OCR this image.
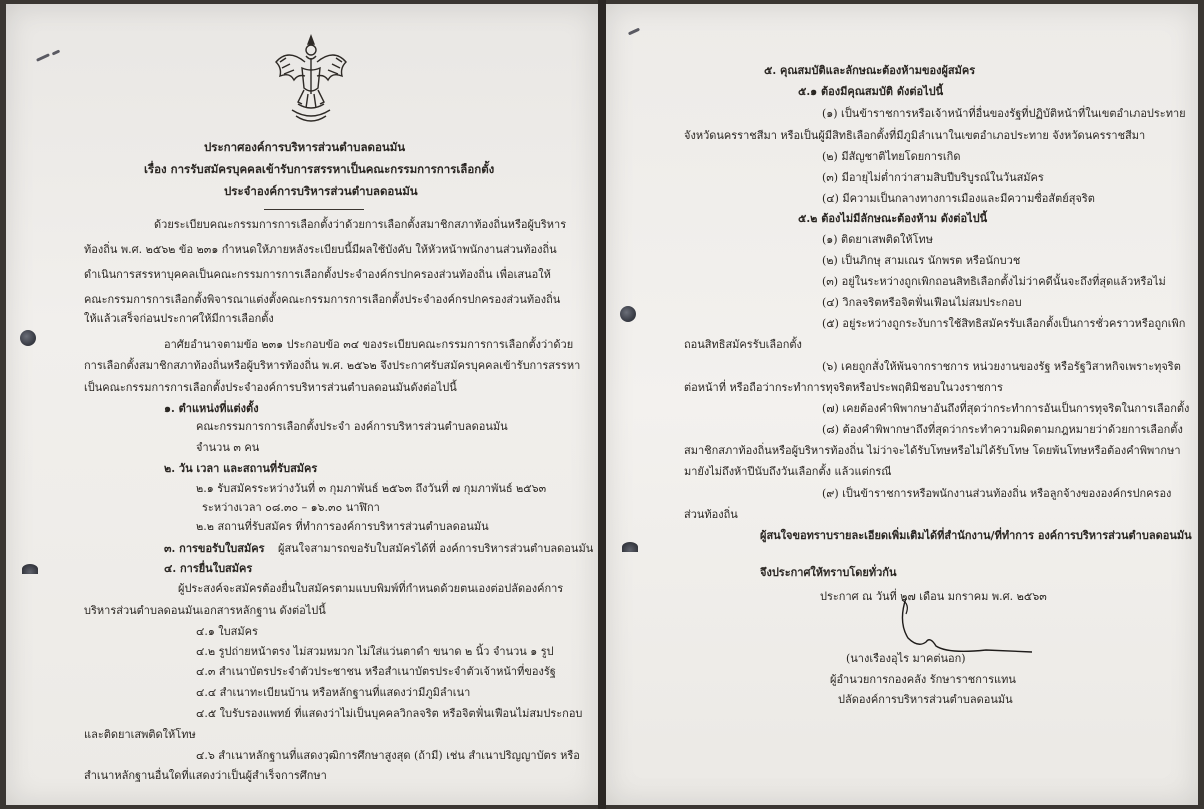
ประกาศองค์การบริหารส่วนตำบลดอนมัน
เรื่อง การรับสมัครบุคคลเข้ารับการสรรหาเป็นคณะกรรมการการเลือกตั้ง
ประจำองค์การบริหารส่วนตำบลดอนมัน
ด้วยระเบียบคณะกรรมการการเลือกตั้งว่าด้วยการเลือกตั้งสมาชิกสภาท้องถิ่นหรือผู้บริหาร
ท้องถิ่น พ.ศ. ๒๕๖๒ ข้อ ๒๓๑ กำหนดให้ภายหลังระเบียบนี้มีผลใช้บังคับ ให้หัวหน้าพนักงานส่วนท้องถิ่น
ดำเนินการสรรหาบุคคลเป็นคณะกรรมการการเลือกตั้งประจำองค์กรปกครองส่วนท้องถิ่น เพื่อเสนอให้
คณะกรรมการการเลือกตั้งพิจารณาแต่งตั้งคณะกรรมการการเลือกตั้งประจำองค์กรปกครองส่วนท้องถิ่น
ให้แล้วเสร็จก่อนประกาศให้มีการเลือกตั้ง
อาศัยอำนาจตามข้อ ๒๓๑ ประกอบข้อ ๓๔ ของระเบียบคณะกรรมการการเลือกตั้งว่าด้วย
การเลือกตั้งสมาชิกสภาท้องถิ่นหรือผู้บริหารท้องถิ่น พ.ศ. ๒๕๖๒ จึงประกาศรับสมัครบุคคลเข้ารับการสรรหา
เป็นคณะกรรมการการเลือกตั้งประจำองค์การบริหารส่วนตำบลดอนมันดังต่อไปนี้
๑. ตำแหน่งที่แต่งตั้ง
คณะกรรมการการเลือกตั้งประจำ องค์การบริหารส่วนตำบลดอนมัน
จำนวน ๓ คน
๒. วัน เวลา และสถานที่รับสมัคร
๒.๑ รับสมัครระหว่างวันที่ ๓ กุมภาพันธ์ ๒๕๖๓ ถึงวันที่ ๗ กุมภาพันธ์ ๒๕๖๓
ระหว่างเวลา ๐๘.๓๐ – ๑๖.๓๐ นาฬิกา
๒.๒ สถานที่รับสมัคร ที่ทำการองค์การบริหารส่วนตำบลดอนมัน
๓. การขอรับใบสมัคร ผู้สนใจสามารถขอรับใบสมัครได้ที่ องค์การบริหารส่วนตำบลดอนมัน
๔. การยื่นใบสมัคร
ผู้ประสงค์จะสมัครต้องยื่นใบสมัครตามแบบพิมพ์ที่กำหนดด้วยตนเองต่อปลัดองค์การ
บริหารส่วนตำบลดอนมันเอกสารหลักฐาน ดังต่อไปนี้
๔.๑ ใบสมัคร
๔.๒ รูปถ่ายหน้าตรง ไม่สวมหมวก ไม่ใส่แว่นตาดำ ขนาด ๒ นิ้ว จำนวน ๑ รูป
๔.๓ สำเนาบัตรประจำตัวประชาชน หรือสำเนาบัตรประจำตัวเจ้าหน้าที่ของรัฐ
๔.๔ สำเนาทะเบียนบ้าน หรือหลักฐานที่แสดงว่ามีภูมิลำเนา
๔.๕ ใบรับรองแพทย์ ที่แสดงว่าไม่เป็นบุคคลวิกลจริต หรือจิตฟั่นเฟือนไม่สมประกอบ
และติดยาเสพติดให้โทษ
๔.๖ สำเนาหลักฐานที่แสดงวุฒิการศึกษาสูงสุด (ถ้ามี) เช่น สำเนาปริญญาบัตร หรือ
สำเนาหลักฐานอื่นใดที่แสดงว่าเป็นผู้สำเร็จการศึกษา
๕. คุณสมบัติและลักษณะต้องห้ามของผู้สมัคร
๕.๑ ต้องมีคุณสมบัติ ดังต่อไปนี้
(๑) เป็นข้าราชการหรือเจ้าหน้าที่อื่นของรัฐที่ปฏิบัติหน้าที่ในเขตอำเภอประทาย
จังหวัดนครราชสีมา หรือเป็นผู้มีสิทธิเลือกตั้งที่มีภูมิลำเนาในเขตอำเภอประทาย จังหวัดนครราชสีมา
(๒) มีสัญชาติไทยโดยการเกิด
(๓) มีอายุไม่ต่ำกว่าสามสิบปีบริบูรณ์ในวันสมัคร
(๔) มีความเป็นกลางทางการเมืองและมีความซื่อสัตย์สุจริต
๕.๒ ต้องไม่มีลักษณะต้องห้าม ดังต่อไปนี้
(๑) ติดยาเสพติดให้โทษ
(๒) เป็นภิกษุ สามเณร นักพรต หรือนักบวช
(๓) อยู่ในระหว่างถูกเพิกถอนสิทธิเลือกตั้งไม่ว่าคดีนั้นจะถึงที่สุดแล้วหรือไม่
(๔) วิกลจริตหรือจิตฟั่นเฟือนไม่สมประกอบ
(๕) อยู่ระหว่างถูกระงับการใช้สิทธิสมัครรับเลือกตั้งเป็นการชั่วคราวหรือถูกเพิก
ถอนสิทธิสมัครรับเลือกตั้ง
(๖) เคยถูกสั่งให้พ้นจากราชการ หน่วยงานของรัฐ หรือรัฐวิสาหกิจเพราะทุจริต
ต่อหน้าที่ หรือถือว่ากระทำการทุจริตหรือประพฤติมิชอบในวงราชการ
(๗) เคยต้องคำพิพากษาอันถึงที่สุดว่ากระทำการอันเป็นการทุจริตในการเลือกตั้ง
(๘) ต้องคำพิพากษาถึงที่สุดว่ากระทำความผิดตามกฎหมายว่าด้วยการเลือกตั้ง
สมาชิกสภาท้องถิ่นหรือผู้บริหารท้องถิ่น ไม่ว่าจะได้รับโทษหรือไม่ได้รับโทษ โดยพ้นโทษหรือต้องคำพิพากษา
มายังไม่ถึงห้าปีนับถึงวันเลือกตั้ง แล้วแต่กรณี
(๙) เป็นข้าราชการหรือพนักงานส่วนท้องถิ่น หรือลูกจ้างขององค์กรปกครอง
ส่วนท้องถิ่น
ผู้สนใจขอทราบรายละเอียดเพิ่มเติมได้ที่สำนักงาน/ที่ทำการ องค์การบริหารส่วนตำบลดอนมัน
จึงประกาศให้ทราบโดยทั่วกัน
ประกาศ ณ วันที่ ๒๗ เดือน มกราคม พ.ศ. ๒๕๖๓
(นางเรืองอุไร มาคต่นอก)
ผู้อำนวยการกองคลัง รักษาราชการแทน
ปลัดองค์การบริหารส่วนตำบลดอนมัน
